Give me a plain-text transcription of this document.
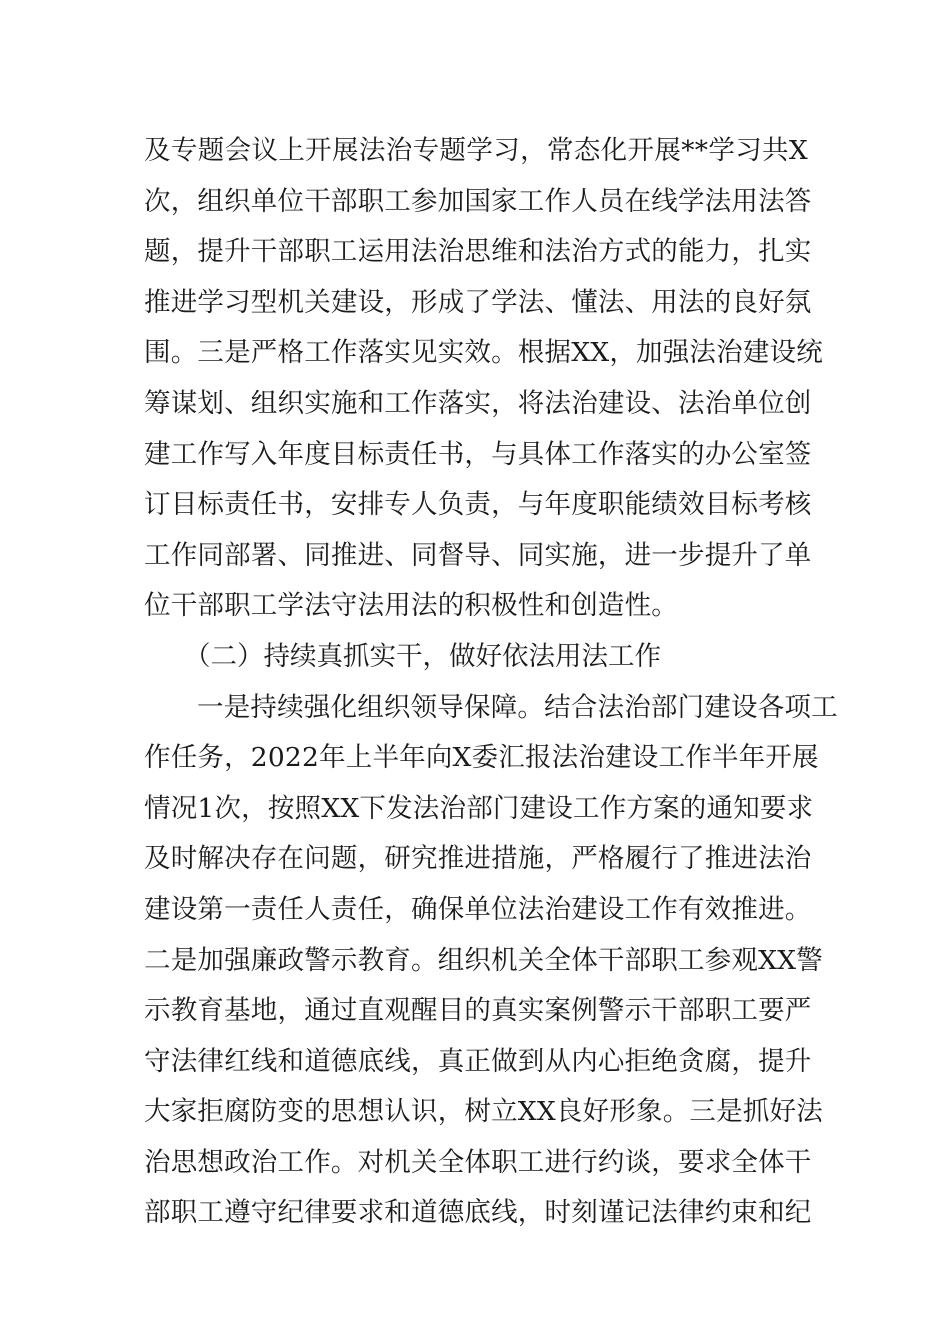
及专题会议上开展法治专题学习，常态化开展**学习共X
次，组织单位干部职工参加国家工作人员在线学法用法答
题，提升干部职工运用法治思维和法治方式的能力，扎实
推进学习型机关建设，形成了学法、懂法、用法的良好氛
围。三是严格工作落实见实效。根据XX，加强法治建设统
筹谋划、组织实施和工作落实，将法治建设、法治单位创
建工作写入年度目标责任书，与具体工作落实的办公室签
订目标责任书，安排专人负责，与年度职能绩效目标考核
工作同部署、同推进、同督导、同实施，进一步提升了单
位干部职工学法守法用法的积极性和创造性。
（二）持续真抓实干，做好依法用法工作
一是持续强化组织领导保障。结合法治部门建设各项工
作任务，2022年上半年向X委汇报法治建设工作半年开展
情况1次，按照XX下发法治部门建设工作方案的通知要求
及时解决存在问题，研究推进措施，严格履行了推进法治
建设第一责任人责任，确保单位法治建设工作有效推进。
二是加强廉政警示教育。组织机关全体干部职工参观XX警
示教育基地，通过直观醒目的真实案例警示干部职工要严
守法律红线和道德底线，真正做到从内心拒绝贪腐，提升
大家拒腐防变的思想认识，树立XX良好形象。三是抓好法
治思想政治工作。对机关全体职工进行约谈，要求全体干
部职工遵守纪律要求和道德底线，时刻谨记法律约束和纪
